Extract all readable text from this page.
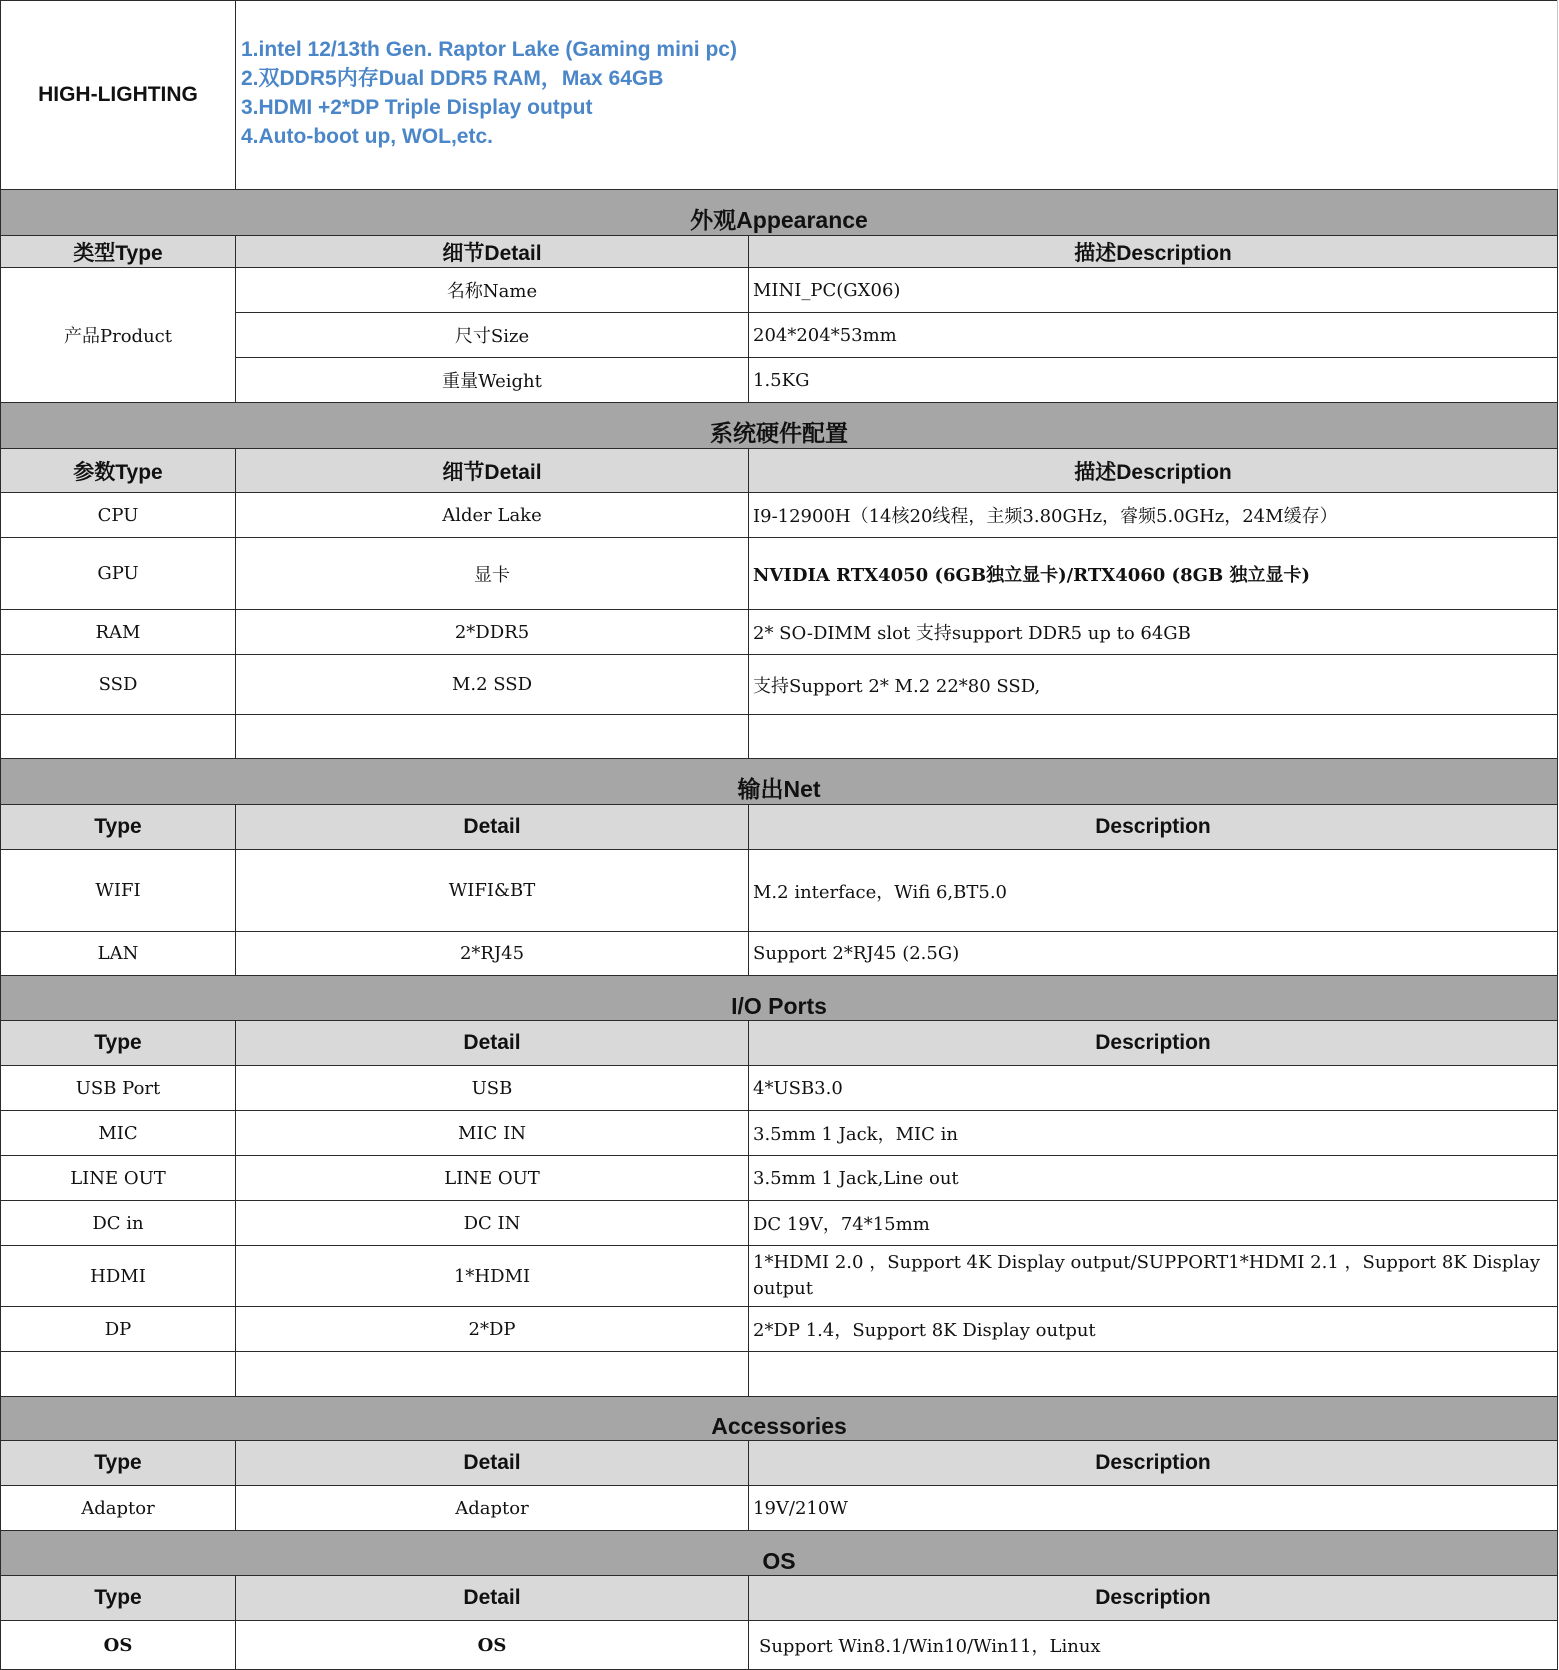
HIGH-LIGHTING	1.intel 12/13th Gen. Raptor Lake (Gaming mini pc)
2.双DDR5内存Dual DDR5 RAM，Max 64GB
3.HDMI +2*DP Triple Display output
4.Auto-boot up, WOL,etc.	

外观Appearance		
类型Type	细节Detail	描述Description
产品Product	名称Name	MINI_PC(GX06)
	尺寸Size	204*204*53mm
	重量Weight	1.5KG
系统硬件配置		
参数Type	细节Detail	描述Description
CPU	Alder Lake	I9-12900H（14核20线程，主频3.80GHz，睿频5.0GHz，24M缓存）
GPU	显卡	NVIDIA RTX4050 (6GB独立显卡)/RTX4060 (8GB 独立显卡)
RAM	2*DDR5	2* SO-DIMM slot 支持support DDR5 up to 64GB
SSD	M.2 SSD	支持Support 2* M.2 22*80 SSD,

输出Net		
Type	Detail	Description
WIFI	WIFI&BT	M.2 interface，Wifi 6,BT5.0
LAN	2*RJ45	Support 2*RJ45 (2.5G)
I/O Ports		
Type	Detail	Description
USB Port	USB	4*USB3.0
MIC	MIC IN	3.5mm 1 Jack，MIC in
LINE OUT	LINE OUT	3.5mm 1 Jack,Line out
DC in	DC IN	DC 19V，74*15mm
HDMI	1*HDMI	1*HDMI 2.0 ，Support 4K Display output/SUPPORT1*HDMI 2.1 ，Support 8K Display output
DP	2*DP	2*DP 1.4，Support 8K Display output

Accessories		
Type	Detail	Description
Adaptor	Adaptor	19V/210W
OS		
Type	Detail	Description
OS	OS	Support Win8.1/Win10/Win11，Linux
